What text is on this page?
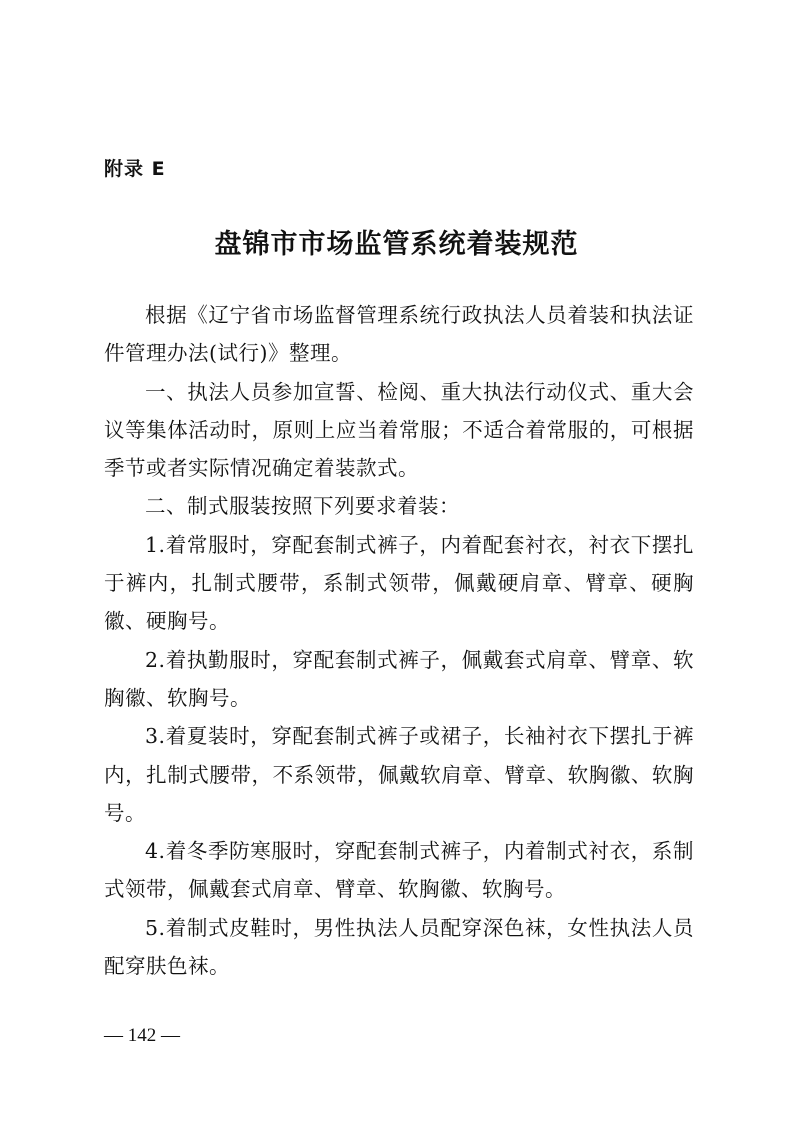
附录 E
盘锦市市场监管系统着装规范

根据《辽宁省市场监督管理系统行政执法人员着装和执法证件管理办法(试行)》整理。

一、执法人员参加宣誓、检阅、重大执法行动仪式、重大会议等集体活动时，原则上应当着常服；不适合着常服的，可根据季节或者实际情况确定着装款式。

二、制式服装按照下列要求着装：

1.着常服时，穿配套制式裤子，内着配套衬衣，衬衣下摆扎于裤内，扎制式腰带，系制式领带，佩戴硬肩章、臂章、硬胸徽、硬胸号。

2.着执勤服时，穿配套制式裤子，佩戴套式肩章、臂章、软胸徽、软胸号。

3.着夏装时，穿配套制式裤子或裙子，长袖衬衣下摆扎于裤内，扎制式腰带，不系领带，佩戴软肩章、臂章、软胸徽、软胸号。

4.着冬季防寒服时，穿配套制式裤子，内着制式衬衣，系制式领带，佩戴套式肩章、臂章、软胸徽、软胸号。

5.着制式皮鞋时，男性执法人员配穿深色袜，女性执法人员配穿肤色袜。

— 142 —
